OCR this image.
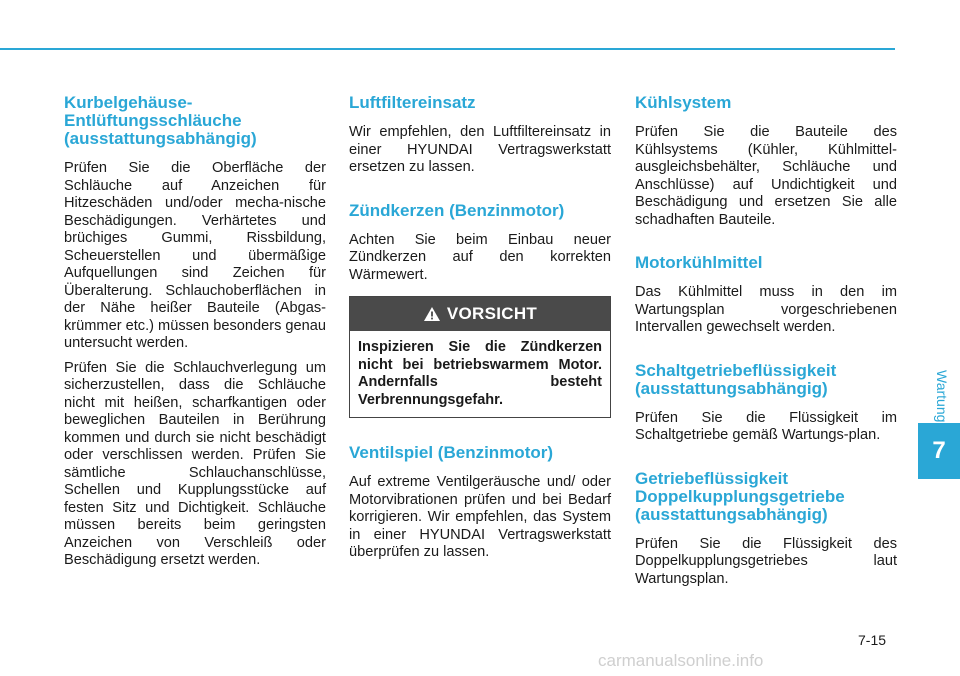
Kurbelgehäuse-
Entlüftungsschläuche
(ausstattungsabhängig)

Prüfen Sie die Oberfläche der Schläuche auf Anzeichen für Hitzeschäden und/oder mecha-nische Beschädigungen. Verhärtetes und brüchiges Gummi, Rissbildung, Scheuerstellen und übermäßige Aufquellungen sind Zeichen für Überalterung. Schlauchoberflächen in der Nähe heißer Bauteile (Abgas-krümmer etc.) müssen besonders genau untersucht werden.

Prüfen Sie die Schlauchverlegung um sicherzustellen, dass die Schläuche nicht mit heißen, scharfkantigen oder beweglichen Bauteilen in Berührung kommen und durch sie nicht beschädigt oder verschlissen werden. Prüfen Sie sämtliche Schlauchanschlüsse, Schellen und Kupplungsstücke auf festen Sitz und Dichtigkeit. Schläuche müssen bereits beim geringsten Anzeichen von Verschleiß oder Beschädigung ersetzt werden.

Luftfiltereinsatz

Wir empfehlen, den Luftfiltereinsatz in einer HYUNDAI Vertragswerkstatt ersetzen zu lassen.

Zündkerzen (Benzinmotor)

Achten Sie beim Einbau neuer Zündkerzen auf den korrekten Wärmewert.

VORSICHT
Inspizieren Sie die Zündkerzen nicht bei betriebswarmem Motor. Andernfalls besteht Verbrennungsgefahr.
Ventilspiel (Benzinmotor)

Auf extreme Ventilgeräusche und/ oder Motorvibrationen prüfen und bei Bedarf korrigieren. Wir empfehlen, das System in einer HYUNDAI Vertragswerkstatt überprüfen zu lassen.

Kühlsystem

Prüfen Sie die Bauteile des Kühlsystems (Kühler, Kühlmittel-ausgleichsbehälter, Schläuche und Anschlüsse) auf Undichtigkeit und Beschädigung und ersetzen Sie alle schadhaften Bauteile.

Motorkühlmittel

Das Kühlmittel muss in den im Wartungsplan vorgeschriebenen Intervallen gewechselt werden.

Schaltgetriebeflüssigkeit
(ausstattungsabhängig)

Prüfen Sie die Flüssigkeit im Schaltgetriebe gemäß Wartungs-plan.

Getriebeflüssigkeit
Doppelkupplungsgetriebe
(ausstattungsabhängig)

Prüfen Sie die Flüssigkeit des Doppelkupplungsgetriebes laut Wartungsplan.

Wartung
7
7-15
carmanualsonline.info
